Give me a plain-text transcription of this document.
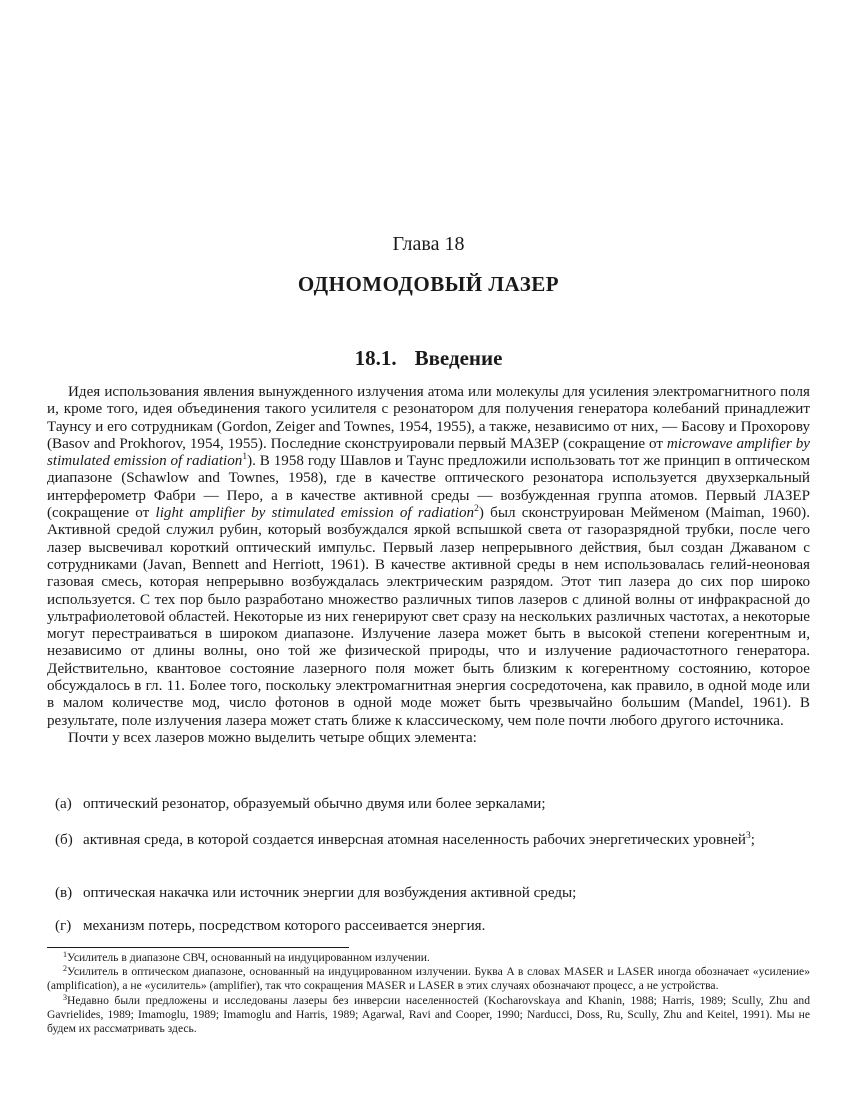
Глава 18
ОДНОМОДОВЫЙ ЛАЗЕР
18.1. Введение

Идея использования явления вынужденного излучения атома или молекулы для усиления электромагнитного поля и, кроме того, идея объединения такого усилителя с резонатором для получения генератора колебаний принадлежит Таунсу и его сотрудникам (Gordon, Zeiger and Townes, 1954, 1955), а также, независимо от них, — Басову и Прохорову (Basov and Prokhorov, 1954, 1955). Последние сконструировали первый МАЗЕР (сокращение от microwave amplifier by stimulated emission of radiation$^1$). В 1958 году Шавлов и Таунс предложили использовать тот же принцип в оптическом диапазоне (Schawlow and Townes, 1958), где в качестве оптического резонатора используется двухзеркальный интерферометр Фабри — Перо, а в качестве активной среды — возбужденная группа атомов. Первый ЛАЗЕР (сокращение от light amplifier by stimulated emission of radiation$^2$) был сконструирован Мейменом (Maiman, 1960). Активной средой служил рубин, который возбуждался яркой вспышкой света от газоразрядной трубки, после чего лазер высвечивал короткий оптический импульс. Первый лазер непрерывного действия, был создан Джаваном с сотрудниками (Javan, Bennett and Herriott, 1961). В качестве активной среды в нем использовалась гелий-неоновая газовая смесь, которая непрерывно возбуждалась электрическим разрядом. Этот тип лазера до сих пор широко используется. С тех пор было разработано множество различных типов лазеров с длиной волны от инфракрасной до ультрафиолетовой областей. Некоторые из них генерируют свет сразу на нескольких различных частотах, а некоторые могут перестраиваться в широком диапазоне. Излучение лазера может быть в высокой степени когерентным и, независимо от длины волны, оно той же физической природы, что и излучение радиочастотного генератора. Действительно, квантовое состояние лазерного поля может быть близким к когерентному состоянию, которое обсуждалось в гл. 11. Более того, поскольку электромагнитная энергия сосредоточена, как правило, в одной моде или в малом количестве мод, число фотонов в одной моде может быть чрезвычайно большим (Mandel, 1961). В результате, поле излучения лазера может стать ближе к классическому, чем поле почти любого другого источника.

Почти у всех лазеров можно выделить четыре общих элемента:

(а) оптический резонатор, образуемый обычно двумя или более зеркалами;
(б) активная среда, в которой создается инверсная атомная населенность рабочих энергетических уровней$^3$;
(в) оптическая накачка или источник энергии для возбуждения активной среды;
(г) механизм потерь, посредством которого рассеивается энергия.

$^1$Усилитель в диапазоне СВЧ, основанный на индуцированном излучении.

$^2$Усилитель в оптическом диапазоне, основанный на индуцированном излучении. Буква A в словах MASER и LASER иногда обозначает «усиление» (amplification), а не «усилитель» (amplifier), так что сокращения MASER и LASER в этих случаях обозначают процесс, а не устройства.

$^3$Недавно были предложены и исследованы лазеры без инверсии населенностей (Kocharovskaya and Khanin, 1988; Harris, 1989; Scully, Zhu and Gavrielides, 1989; Imamoglu, 1989; Imamoglu and Harris, 1989; Agarwal, Ravi and Cooper, 1990; Narducci, Doss, Ru, Scully, Zhu and Keitel, 1991). Мы не будем их рассматривать здесь.
